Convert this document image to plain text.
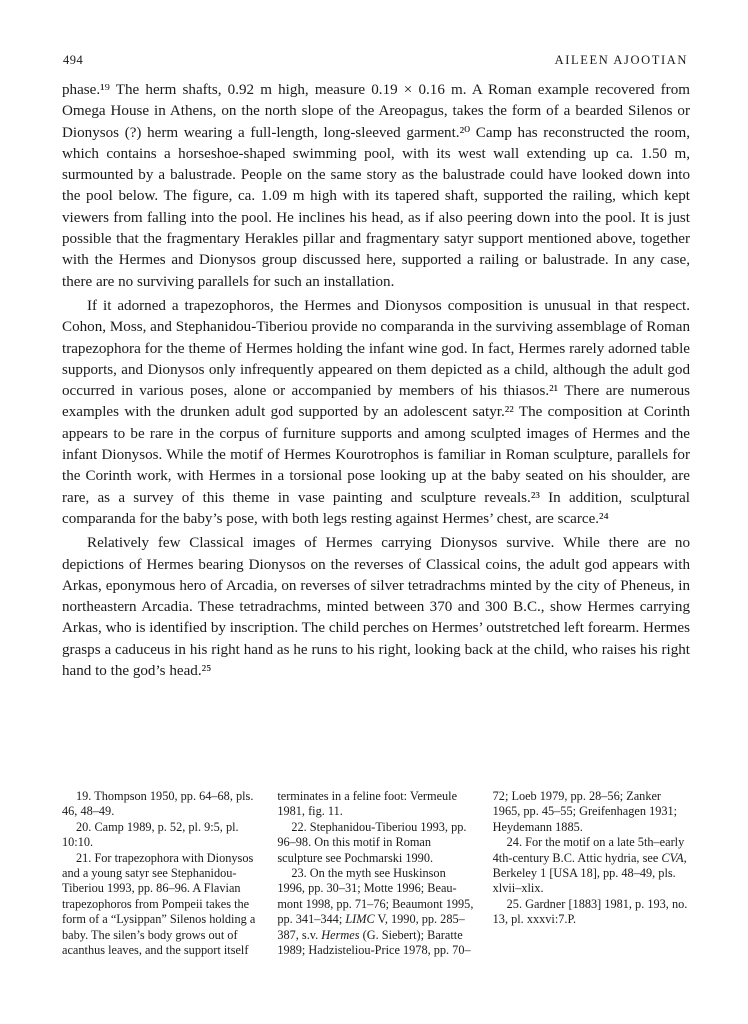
494	AILEEN AJOOTIAN

phase.¹⁹ The herm shafts, 0.92 m high, measure 0.19 × 0.16 m. A Roman example recovered from Omega House in Athens, on the north slope of the Areopagus, takes the form of a bearded Silenos or Dionysos (?) herm wearing a full-length, long-sleeved garment.²⁰ Camp has reconstructed the room, which contains a horseshoe-shaped swimming pool, with its west wall extending up ca. 1.50 m, surmounted by a balustrade. People on the same story as the balustrade could have looked down into the pool below. The figure, ca. 1.09 m high with its tapered shaft, supported the railing, which kept viewers from falling into the pool. He inclines his head, as if also peering down into the pool. It is just possible that the fragmentary Herakles pillar and fragmentary satyr support mentioned above, together with the Hermes and Dionysos group discussed here, supported a railing or balustrade. In any case, there are no surviving parallels for such an installation.

If it adorned a trapezophoros, the Hermes and Dionysos composition is unusual in that respect. Cohon, Moss, and Stephanidou-Tiberiou provide no comparanda in the surviving assemblage of Roman trapezophora for the theme of Hermes holding the infant wine god. In fact, Hermes rarely adorned table supports, and Dionysos only infrequently appeared on them depicted as a child, although the adult god occurred in various poses, alone or accompanied by members of his thiasos.²¹ There are numerous examples with the drunken adult god supported by an adolescent satyr.²² The composition at Corinth appears to be rare in the corpus of furniture supports and among sculpted images of Hermes and the infant Dionysos. While the motif of Hermes Kourotrophos is familiar in Roman sculpture, parallels for the Corinth work, with Hermes in a torsional pose looking up at the baby seated on his shoulder, are rare, as a survey of this theme in vase painting and sculpture reveals.²³ In addition, sculptural comparanda for the baby’s pose, with both legs resting against Hermes’ chest, are scarce.²⁴

Relatively few Classical images of Hermes carrying Dionysos survive. While there are no depictions of Hermes bearing Dionysos on the reverses of Classical coins, the adult god appears with Arkas, eponymous hero of Arcadia, on reverses of silver tetradrachms minted by the city of Pheneus, in northeastern Arcadia. These tetradrachms, minted between 370 and 300 B.C., show Hermes carrying Arkas, who is identified by inscription. The child perches on Hermes’ outstretched left forearm. Hermes grasps a caduceus in his right hand as he runs to his right, looking back at the child, who raises his right hand to the god’s head.²⁵

19. Thompson 1950, pp. 64–68, pls. 46, 48–49.

20. Camp 1989, p. 52, pl. 9:5, pl. 10:10.

21. For trapezophora with Dionysos and a young satyr see Stephanidou-Tiberiou 1993, pp. 86–96. A Flavian trapezophoros from Pompeii takes the form of a “Lysippan” Silenos holding a baby. The silen’s body grows out of acanthus leaves, and the support itself

terminates in a feline foot: Vermeule 1981, fig. 11.

22. Stephanidou-Tiberiou 1993, pp. 96–98. On this motif in Roman sculpture see Pochmarski 1990.

23. On the myth see Huskinson 1996, pp. 30–31; Motte 1996; Beaumont 1998, pp. 71–76; Beaumont 1995, pp. 341–344; LIMC V, 1990, pp. 285–387, s.v. Hermes (G. Siebert); Baratte 1989; Hadzisteliou-Price 1978, pp. 70–

72; Loeb 1979, pp. 28–56; Zanker 1965, pp. 45–55; Greifenhagen 1931; Heydemann 1885.

24. For the motif on a late 5th–early 4th-century B.C. Attic hydria, see CVA, Berkeley 1 [USA 18], pp. 48–49, pls. xlvii–xlix.

25. Gardner [1883] 1981, p. 193, no. 13, pl. xxxvi:7.P.
